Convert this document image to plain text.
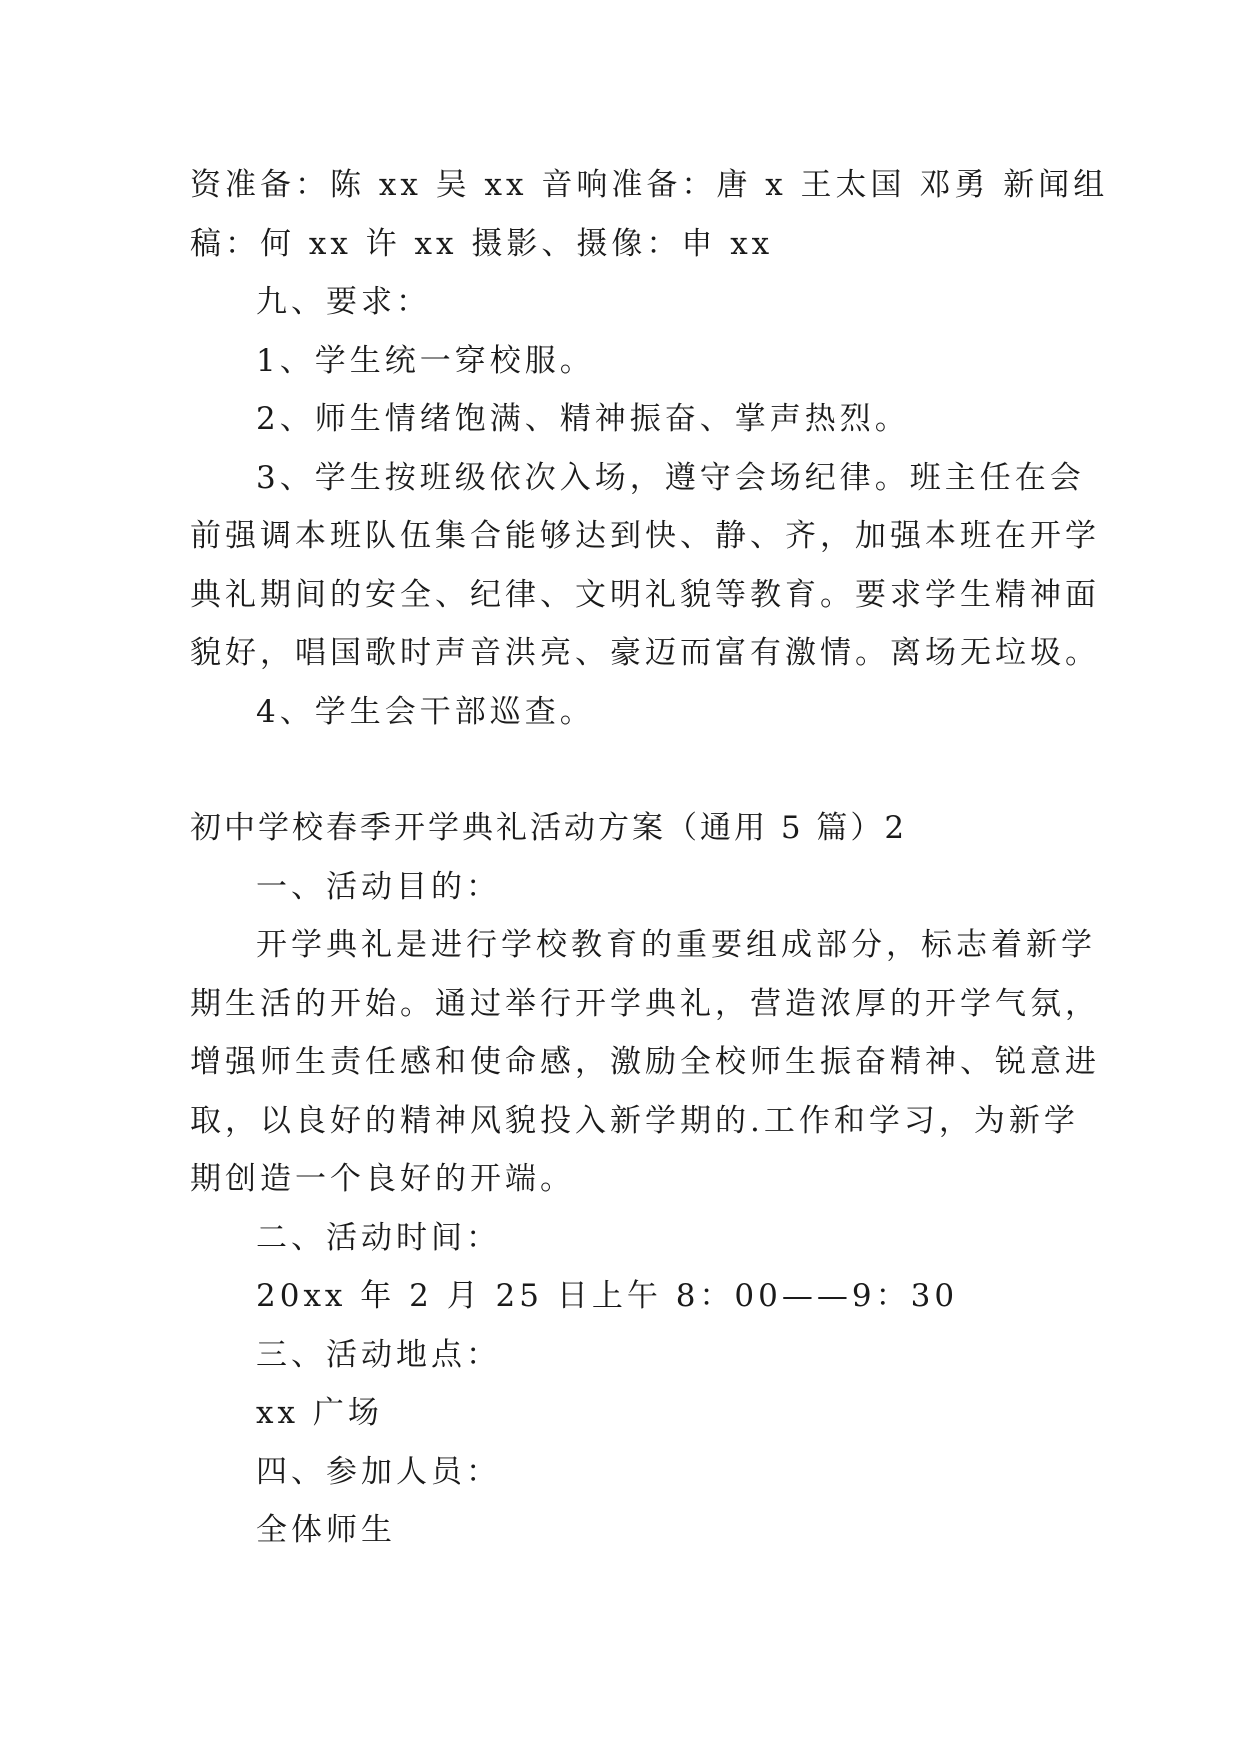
资准备：陈 xx 吴 xx 音响准备：唐 x 王太国 邓勇 新闻组
稿：何 xx 许 xx 摄影、摄像：申 xx
九、要求：
1、学生统一穿校服。
2、师生情绪饱满、精神振奋、掌声热烈。
3、学生按班级依次入场，遵守会场纪律。班主任在会
前强调本班队伍集合能够达到快、静、齐，加强本班在开学
典礼期间的安全、纪律、文明礼貌等教育。要求学生精神面
貌好，唱国歌时声音洪亮、豪迈而富有激情。离场无垃圾。
4、学生会干部巡查。
初中学校春季开学典礼活动方案（通用 5 篇）2
一、活动目的：
开学典礼是进行学校教育的重要组成部分，标志着新学
期生活的开始。通过举行开学典礼，营造浓厚的开学气氛，
增强师生责任感和使命感，激励全校师生振奋精神、锐意进
取，以良好的精神风貌投入新学期的.工作和学习，为新学
期创造一个良好的开端。
二、活动时间：
20xx 年 2 月 25 日上午 8：00——9：30
三、活动地点：
xx 广场
四、参加人员：
全体师生
